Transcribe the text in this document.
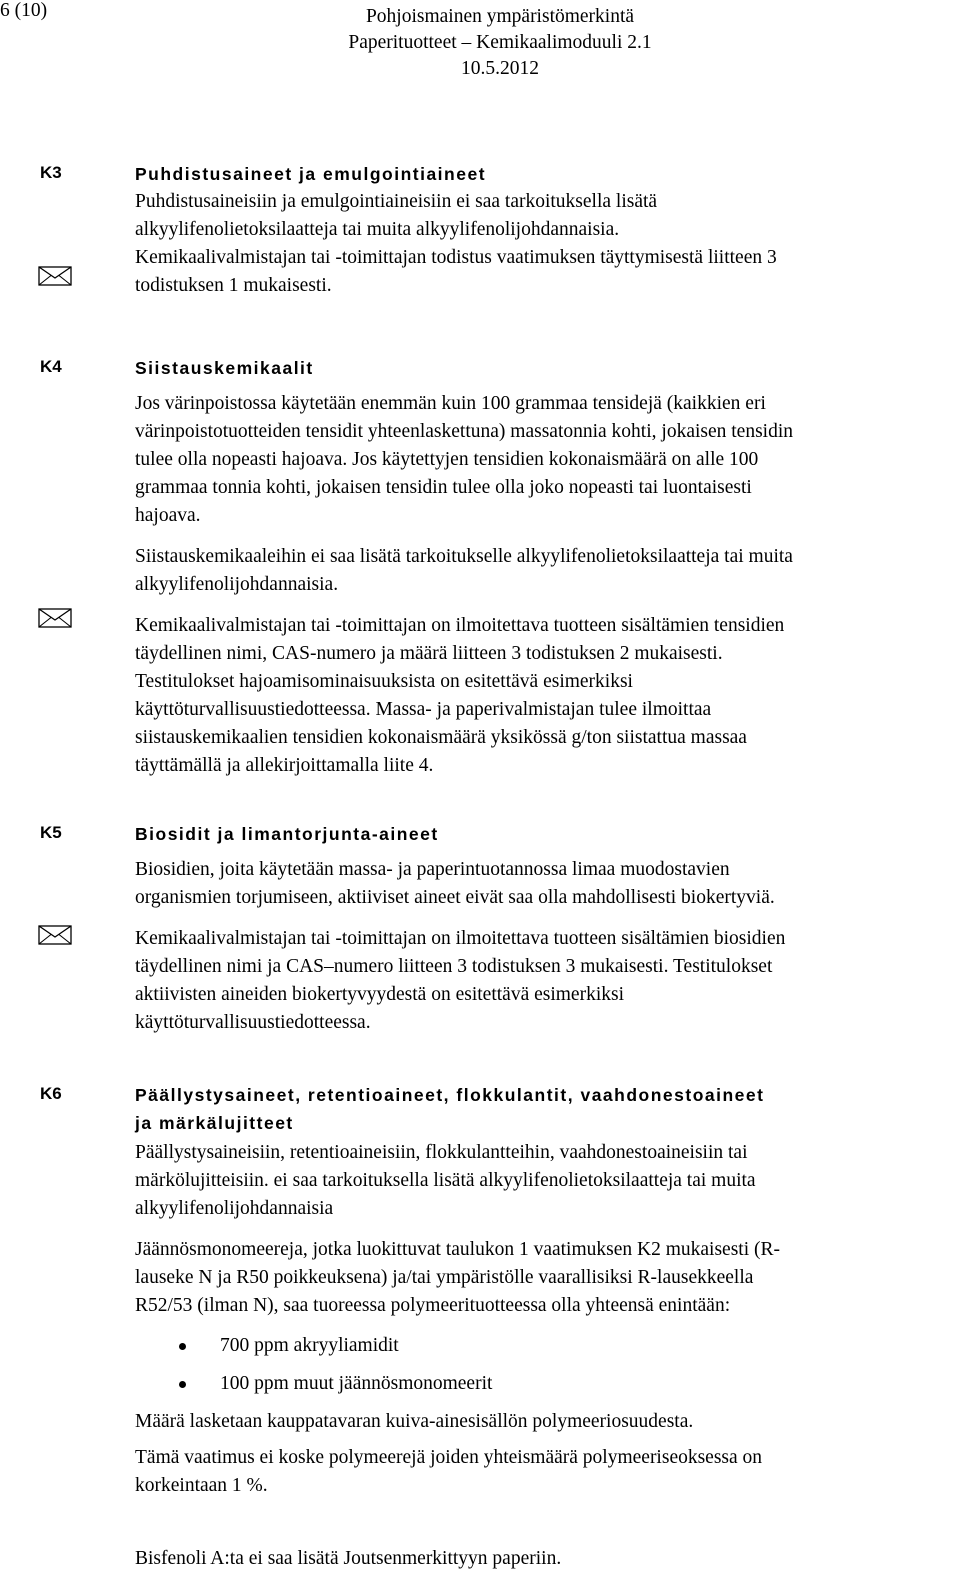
6 (10)	Pohjoismainen ympäristömerkintä
Paperituotteet – Kemikaalimoduuli 2.1
10.5.2012
K3	Puhdistusaineet ja emulgointiaineet
Puhdistusaineisiin ja emulgointiaineisiin ei saa tarkoituksella lisätä
alkyylifenolietoksilaatteja tai muita alkyylifenolijohdannaisia.
Kemikaalivalmistajan tai -toimittajan todistus vaatimuksen täyttymisestä liitteen 3
todistuksen 1 mukaisesti.
K4	Siistauskemikaalit
Jos värinpoistossa käytetään enemmän kuin 100 grammaa tensidejä (kaikkien eri
värinpoistotuotteiden tensidit yhteenlaskettuna) massatonnia kohti, jokaisen tensidin
tulee olla nopeasti hajoava. Jos käytettyjen tensidien kokonaismäärä on alle 100
grammaa tonnia kohti, jokaisen tensidin tulee olla joko nopeasti tai luontaisesti
hajoava.
Siistauskemikaaleihin ei saa lisätä tarkoitukselle alkyylifenolietoksilaatteja tai muita
alkyylifenolijohdannaisia.
Kemikaalivalmistajan tai -toimittajan on ilmoitettava tuotteen sisältämien tensidien
täydellinen nimi, CAS-numero ja määrä liitteen 3 todistuksen 2 mukaisesti.
Testitulokset hajoamisominaisuuksista on esitettävä esimerkiksi
käyttöturvallisuustiedotteessa. Massa- ja paperivalmistajan tulee ilmoittaa
siistauskemikaalien tensidien kokonaismäärä yksikössä g/ton siistattua massaa
täyttämällä ja allekirjoittamalla liite 4.
K5	Biosidit ja limantorjunta-aineet
Biosidien, joita käytetään massa- ja paperintuotannossa limaa muodostavien
organismien torjumiseen, aktiiviset aineet eivät saa olla mahdollisesti biokertyviä.
Kemikaalivalmistajan tai -toimittajan on ilmoitettava tuotteen sisältämien biosidien
täydellinen nimi ja CAS–numero liitteen 3 todistuksen 3 mukaisesti. Testitulokset
aktiivisten aineiden biokertyvyydestä on esitettävä esimerkiksi
käyttöturvallisuustiedotteessa.
K6	Päällystysaineet, retentioaineet, flokkulantit, vaahdonestoaineet
ja märkälujitteet
Päällystysaineisiin, retentioaineisiin, flokkulantteihin, vaahdonestoaineisiin tai
märkölujitteisiin. ei saa tarkoituksella lisätä alkyylifenolietoksilaatteja tai muita
alkyylifenolijohdannaisia
Jäännösmonomeereja, jotka luokittuvat taulukon 1 vaatimuksen K2 mukaisesti (R-
lauseke N ja R50 poikkeuksena) ja/tai ympäristölle vaarallisiksi R-lausekkeella
R52/53 (ilman N), saa tuoreessa polymeerituotteessa olla yhteensä enintään:
700 ppm akryyliamidit
100 ppm muut jäännösmonomeerit
Määrä lasketaan kauppatavaran kuiva-ainesisällön polymeeriosuudesta.
Tämä vaatimus ei koske polymeerejä joiden yhteismäärä polymeeriseoksessa on
korkeintaan 1 %.
Bisfenoli A:ta ei saa lisätä Joutsenmerkittyyn paperiin.
